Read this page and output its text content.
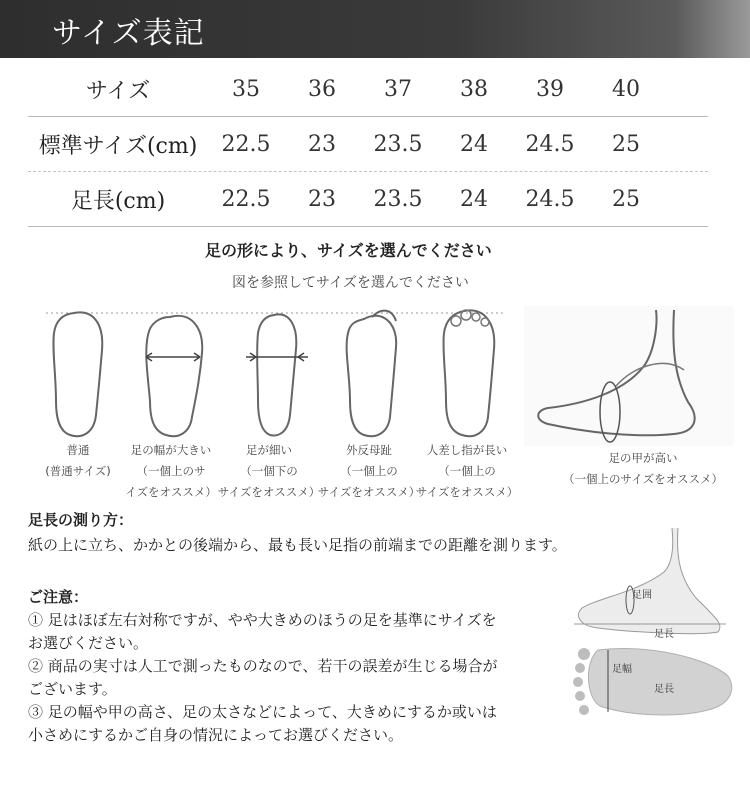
サイズ表記
サイズ	35	36	37	38	39	40
標準サイズ(cm)	22.5	23	23.5	24	24.5	25
足長(cm)	22.5	23	23.5	24	24.5	25
足の形により、サイズを選んでください
図を参照してサイズを選んでください
普通
(普通サイズ)
足の幅が大きい
（一個上のサ
イズをオススメ）
足が細い
（一個下の
サイズをオススメ）
外反母趾
（一個上の
サイズをオススメ）
人差し指が長い
（一個上の
サイズをオススメ）
足の甲が高い
（一個上のサイズをオススメ）
足長の測り方：
紙の上に立ち、かかとの後端から、最も長い足指の前端までの距離を測ります。
ご注意：
① 足はほぼ左右対称ですが、やや大きめのほうの足を基準にサイズを
お選びください。
② 商品の実寸は人工で測ったものなので、若干の誤差が生じる場合が
ございます。
③ 足の幅や甲の高さ、足の太さなどによって、大きめにするか或いは
小さめにするかご自身の情況によってお選びください。
足囲
足長
足幅
足長
